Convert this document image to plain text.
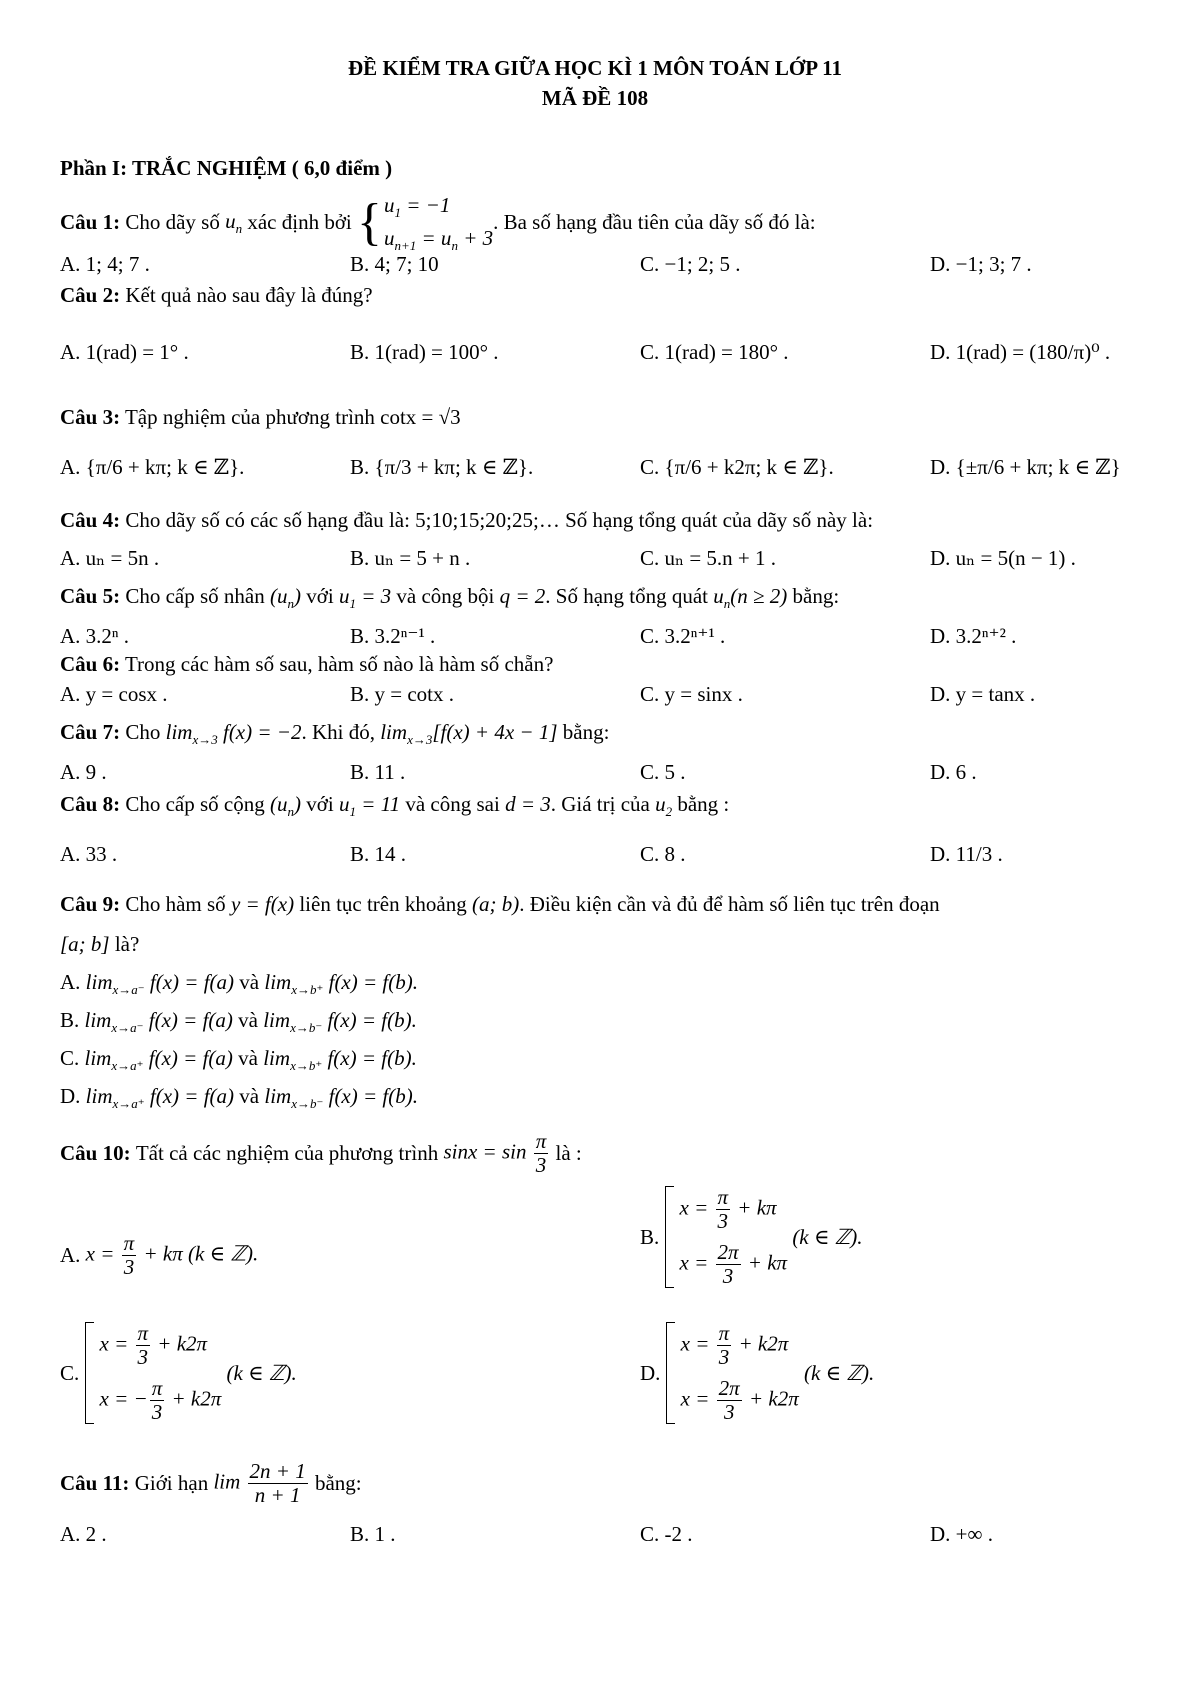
ĐỀ KIỂM TRA GIỮA HỌC KÌ 1 MÔN TOÁN LỚP 11
MÃ ĐỀ 108
Phần I: TRẮC NGHIỆM ( 6,0 điểm )
Câu 1:
Cho dãy số
$u_n$
xác định bởi
{ $u_1 = -1$
$u_{n+1} = u_n + 3$
. Ba số hạng đầu tiên của dãy số đó là:
A. 1; 4; 7 .	B. 4; 7; 10	C. −1; 2; 5 .	D. −1; 3; 7 .
Câu 2: Kết quả nào sau đây là đúng?
A. 1(rad) = 1° .	B. 1(rad) = 100° .	C. 1(rad) = 180° .	D. 1(rad) = (180/π)⁰ .
Câu 3: Tập nghiệm của phương trình cotx = √3
A. {π/6 + kπ; k ∈ ℤ}.	B. {π/3 + kπ; k ∈ ℤ}.	C. {π/6 + k2π; k ∈ ℤ}.	D. {±π/6 + kπ; k ∈ ℤ}
Câu 4: Cho dãy số có các số hạng đầu là: 5;10;15;20;25;… Số hạng tổng quát của dãy số này là:
A. uₙ = 5n .	B. uₙ = 5 + n .	C. uₙ = 5.n + 1 .	D. uₙ = 5(n − 1) .
Câu 5: Cho cấp số nhân $(u_n)$ với $u_1 = 3$ và công bội q = 2. Số hạng tổng quát $u_n(n \ge 2)$ bằng:
A. 3.2ⁿ .	B. 3.2ⁿ⁻¹ .	C. 3.2ⁿ⁺¹ .	D. 3.2ⁿ⁺² .
Câu 6: Trong các hàm số sau, hàm số nào là hàm số chẵn?
A. y = cosx .	B. y = cotx .	C. y = sinx .	D. y = tanx .
Câu 7: Cho $\lim_{x\to 3} f(x) = -2$. Khi đó, $\lim_{x\to 3}[f(x) + 4x - 1]$ bằng:
A. 9 .	B. 11 .	C. 5 .	D. 6 .
Câu 8: Cho cấp số cộng $(u_n)$ với $u_1 = 11$ và công sai d = 3. Giá trị của $u_2$ bằng :
A. 33 .	B. 14 .	C. 8 .	D. 11/3 .
Câu 9: Cho hàm số y = f(x) liên tục trên khoảng (a; b). Điều kiện cần và đủ để hàm số liên tục trên đoạn
[a; b] là?
A. $\lim_{x\to a^-} f(x) = f(a)$ và $\lim_{x\to b^+} f(x) = f(b)$.
B. $\lim_{x\to a^-} f(x) = f(a)$ và $\lim_{x\to b^-} f(x) = f(b)$.
C. $\lim_{x\to a^+} f(x) = f(a)$ và $\lim_{x\to b^+} f(x) = f(b)$.
D. $\lim_{x\to a^+} f(x) = f(a)$ và $\lim_{x\to b^-} f(x) = f(b)$.
Câu 10:
Tất cả các nghiệm của phương trình
$\sin x = \sin \frac{\pi}{3}$
là :
A.
$x = \frac{\pi}{3} + k\pi$ (k ∈ ℤ).
B.

$x = \frac{\pi}{3} + k\pi$
$x = \frac{2\pi}{3} + k\pi$

(k ∈ ℤ).
C.

$x = \frac{\pi}{3} + k2\pi$
x = − $\frac{\pi}{3} + k2\pi$

(k ∈ ℤ).	D.

$x = \frac{\pi}{3} + k2\pi$
$x = \frac{2\pi}{3} + k2\pi$

(k ∈ ℤ).
Câu 11:
Giới hạn
$\lim \frac{2n + 1}{n + 1}$
bằng:
A. 2 .	B. 1 .	C. -2 .	D. +∞ .
